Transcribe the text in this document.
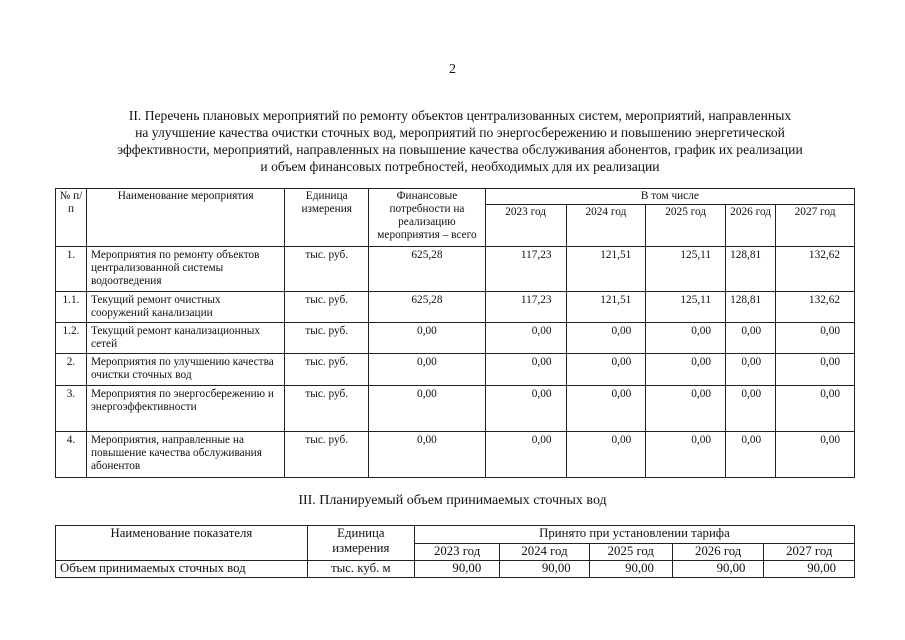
2
II. Перечень плановых мероприятий по ремонту объектов централизованных систем, мероприятий, направленных
на улучшение качества очистки сточных вод, мероприятий по энергосбережению и повышению энергетической
эффективности, мероприятий, направленных на повышение качества обслуживания абонентов, график их реализации
и объем финансовых потребностей, необходимых для их реализации
№ п/п	Наименование мероприятия	Единица измерения	Финансовые потребности на реализацию мероприятия – всего	В том числе				
				2023 год	2024 год	2025 год	2026 год	2027 год
1.	Мероприятия по ремонту объектов централизованной системы водоотведения	тыс. руб.	625,28	117,23	121,51	125,11	128,81	132,62
1.1.	Текущий ремонт очистных сооружений канализации	тыс. руб.	625,28	117,23	121,51	125,11	128,81	132,62
1.2.	Текущий ремонт канализационных сетей	тыс. руб.	0,00	0,00	0,00	0,00	0,00	0,00
2.	Мероприятия по улучшению качества очистки сточных вод	тыс. руб.	0,00	0,00	0,00	0,00	0,00	0,00
3.	Мероприятия по энергосбережению и энергоэффективности	тыс. руб.	0,00	0,00	0,00	0,00	0,00	0,00
4.	Мероприятия, направленные на повышение качества обслуживания абонентов	тыс. руб.	0,00	0,00	0,00	0,00	0,00	0,00
III. Планируемый объем принимаемых сточных вод
Наименование показателя	Единица измерения	Принято при установлении тарифа				
		2023 год	2024 год	2025 год	2026 год	2027 год
Объем принимаемых сточных вод	тыс. куб. м	90,00	90,00	90,00	90,00	90,00
